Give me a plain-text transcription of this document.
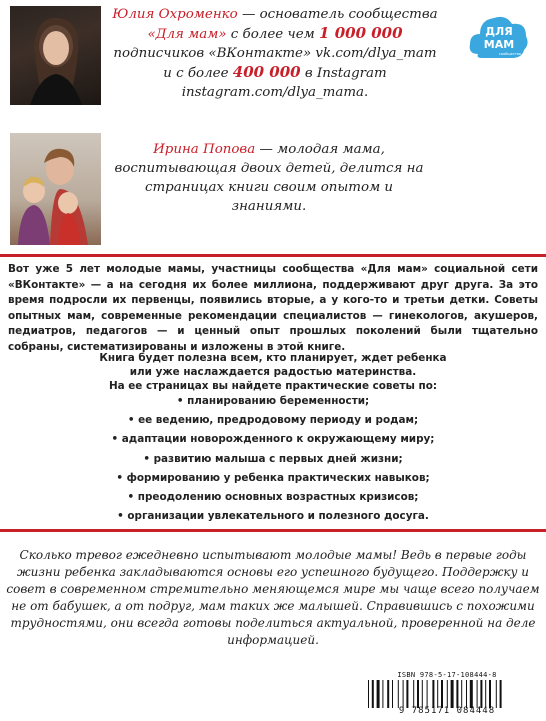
Юлия Охроменко — основатель сообщества «Для мам» с более чем 1 000 000 подписчиков «ВКонтакте» vk.com/dlya_mam и с более 400 000 в Instagram instagram.com/dlya_mama.
ДЛЯ
МАМ
сообщество
Ирина Попова — молодая мама, воспитывающая двоих детей, делится на страницах книги своим опытом и знаниями.
Вот уже 5 лет молодые мамы, участницы сообщества «Для мам» социальной сети «ВКонтакте» — а на сегодня их более миллиона, поддерживают друг друга. За это время подросли их первенцы, появились вторые, а у кого-то и третьи детки. Советы опытных мам, современные рекомендации специалистов — гинекологов, акушеров, педиатров, педагогов — и ценный опыт прошлых поколений были тщательно собраны, систематизированы и изложены в этой книге.
Книга будет полезна всем, кто планирует, ждет ребенка
или уже наслаждается радостью материнства.
На ее страницах вы найдете практические советы по:
• планированию беременности;
• ее ведению, предродовому периоду и родам;
• адаптации новорожденного к окружающему миру;
• развитию малыша с первых дней жизни;
• формированию у ребенка практических навыков;
• преодолению основных возрастных кризисов;
• организации увлекательного и полезного досуга.
Сколько тревог ежедневно испытывают молодые мамы! Ведь в первые годы жизни ребенка закладываются основы его успешного будущего. Поддержку и совет в современном стремительно меняющемся мире мы чаще всего получаем не от бабушек, а от подруг, мам таких же малышей. Справившись с похожими трудностями, они всегда готовы поделиться актуальной, проверенной на деле информацией.
ISBN 978-5-17-108444-8
9 785171 084448
